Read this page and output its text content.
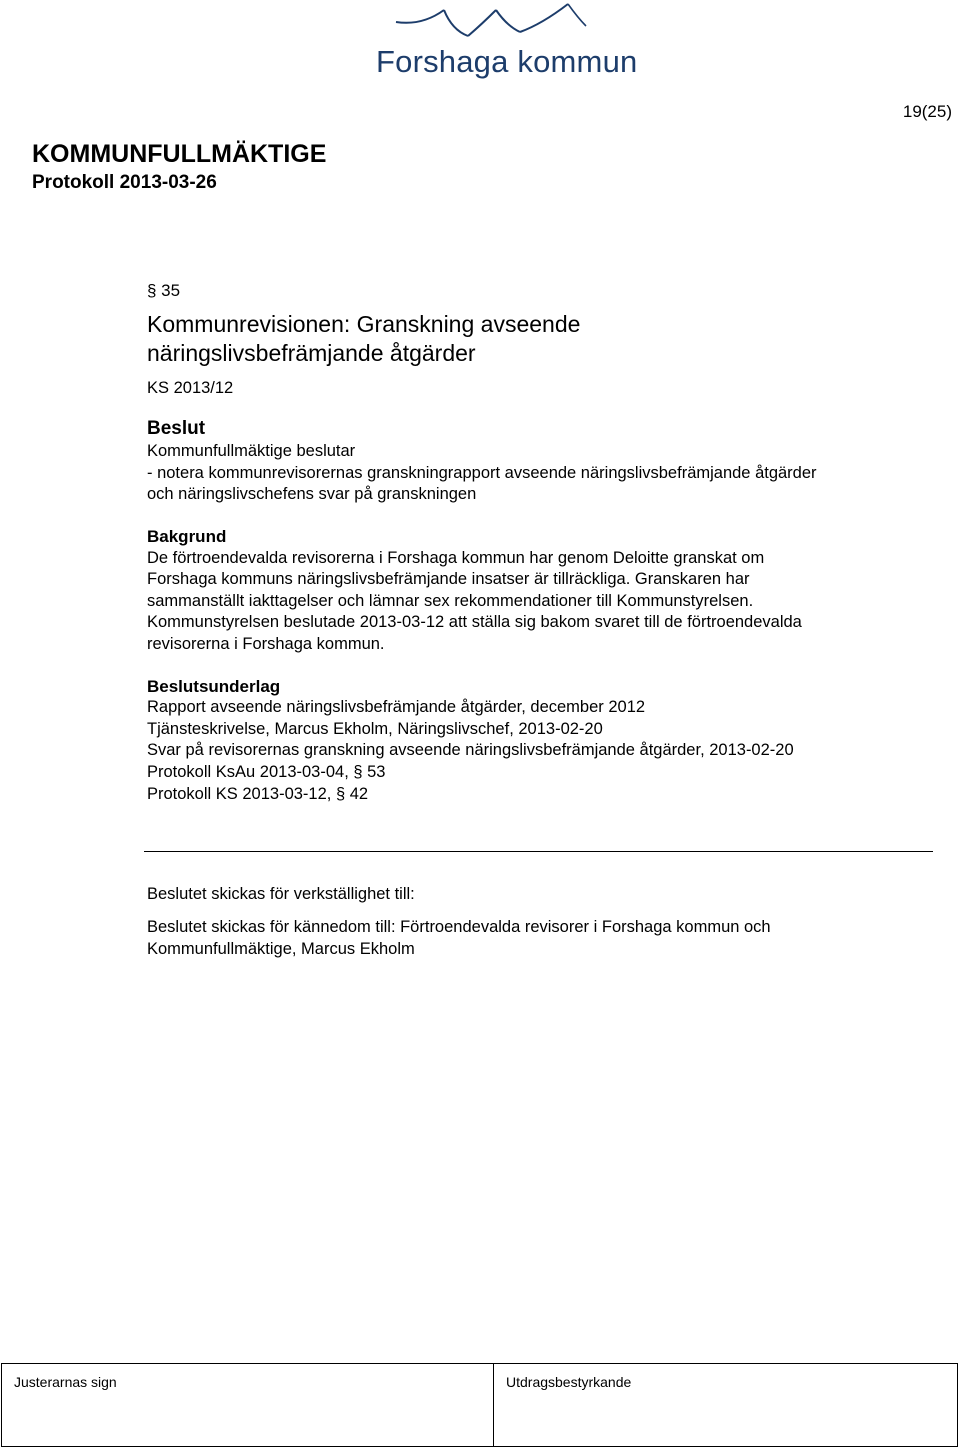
Forshaga kommun
19(25)
KOMMUNFULLMÄKTIGE
Protokoll 2013-03-26
§ 35
Kommunrevisionen: Granskning avseende
näringslivsbefrämjande åtgärder
KS 2013/12
Beslut
Kommunfullmäktige beslutar
- notera kommunrevisorernas granskningrapport avseende näringslivsbefrämjande åtgärder
och näringslivschefens svar på granskningen
Bakgrund
De förtroendevalda revisorerna i Forshaga kommun har genom Deloitte granskat om
Forshaga kommuns näringslivsbefrämjande insatser är tillräckliga. Granskaren har
sammanställt iakttagelser och lämnar sex rekommendationer till Kommunstyrelsen.
Kommunstyrelsen beslutade 2013-03-12 att ställa sig bakom svaret till de förtroendevalda
revisorerna i Forshaga kommun.
Beslutsunderlag
Rapport avseende näringslivsbefrämjande åtgärder, december 2012
Tjänsteskrivelse, Marcus Ekholm, Näringslivschef, 2013-02-20
Svar på revisorernas granskning avseende näringslivsbefrämjande åtgärder, 2013-02-20
Protokoll KsAu 2013-03-04, § 53
Protokoll KS 2013-03-12, § 42
Beslutet skickas för verkställighet till:
Beslutet skickas för kännedom till: Förtroendevalda revisorer i Forshaga kommun och
Kommunfullmäktige, Marcus Ekholm
Justerarnas sign	Utdragsbestyrkande
